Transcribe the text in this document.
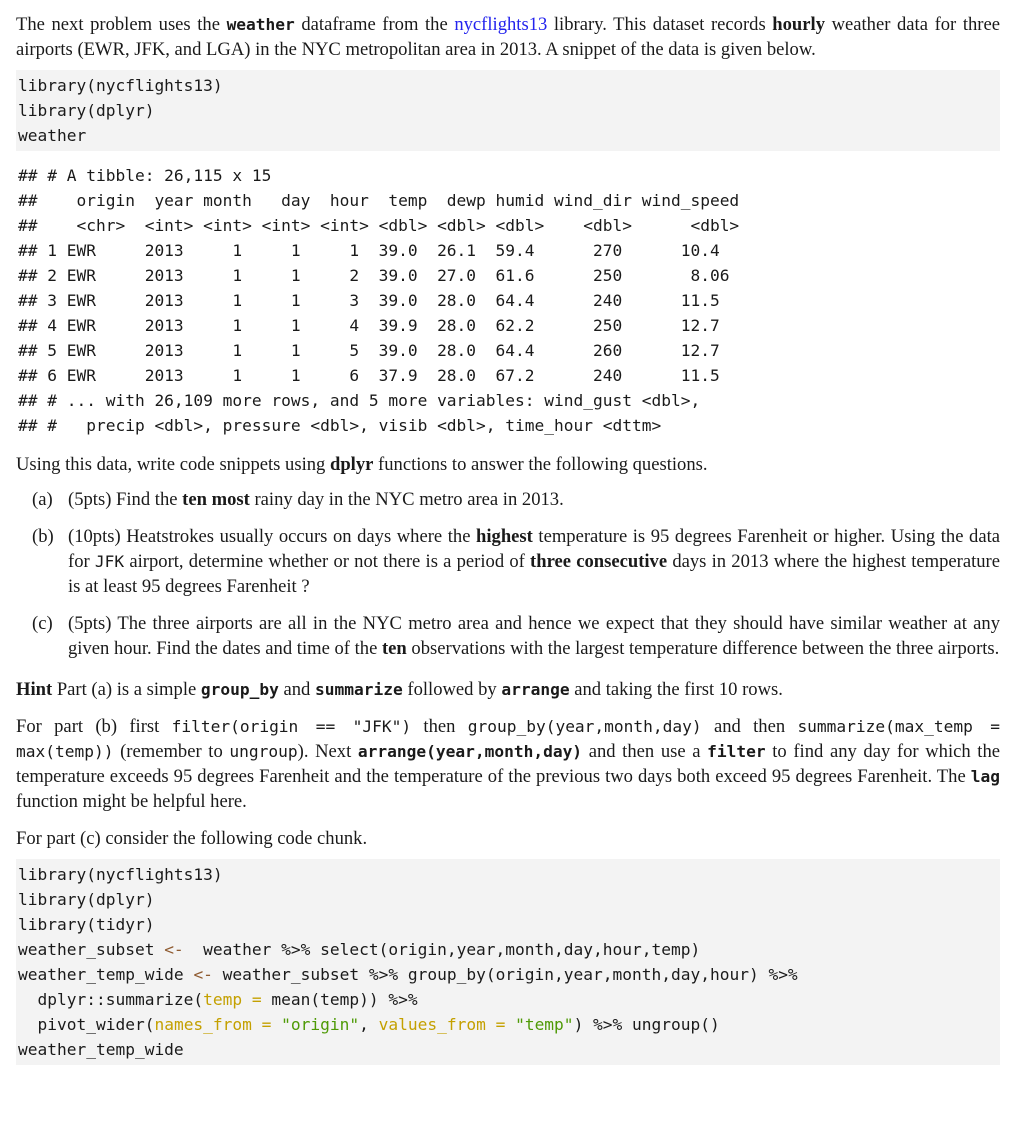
The next problem uses the weather dataframe from the nycflights13 library. This dataset records hourly weather data for three airports (EWR, JFK, and LGA) in the NYC metropolitan area in 2013. A snippet of the data is given below.

library(nycflights13)
library(dplyr)
weather
## # A tibble: 26,115 x 15
##    origin  year month   day  hour  temp  dewp humid wind_dir wind_speed
##    <chr>  <int> <int> <int> <int> <dbl> <dbl> <dbl>    <dbl>      <dbl>
## 1 EWR     2013     1     1     1  39.0  26.1  59.4      270      10.4
## 2 EWR     2013     1     1     2  39.0  27.0  61.6      250       8.06
## 3 EWR     2013     1     1     3  39.0  28.0  64.4      240      11.5
## 4 EWR     2013     1     1     4  39.9  28.0  62.2      250      12.7
## 5 EWR     2013     1     1     5  39.0  28.0  64.4      260      12.7
## 6 EWR     2013     1     1     6  37.9  28.0  67.2      240      11.5
## # ... with 26,109 more rows, and 5 more variables: wind_gust <dbl>,
## #   precip <dbl>, pressure <dbl>, visib <dbl>, time_hour <dttm>

Using this data, write code snippets using dplyr functions to answer the following questions.

(a) (5pts) Find the ten most rainy day in the NYC metro area in 2013.
(b) (10pts) Heatstrokes usually occurs on days where the highest temperature is 95 degrees Farenheit or higher. Using the data for JFK airport, determine whether or not there is a period of three consecutive days in 2013 where the highest temperature is at least 95 degrees Farenheit ?
(c) (5pts) The three airports are all in the NYC metro area and hence we expect that they should have similar weather at any given hour. Find the dates and time of the ten observations with the largest temperature difference between the three airports.

Hint Part (a) is a simple group_by and summarize followed by arrange and taking the first 10 rows.

For part (b) first filter(origin == "JFK") then group_by(year,month,day) and then summarize(max_temp = max(temp)) (remember to ungroup). Next arrange(year,month,day) and then use a filter to find any day for which the temperature exceeds 95 degrees Farenheit and the temperature of the previous two days both exceed 95 degrees Farenheit. The lag function might be helpful here.

For part (c) consider the following code chunk.

library(nycflights13)
library(dplyr)
library(tidyr)
weather_subset <-  weather %>% select(origin,year,month,day,hour,temp)
weather_temp_wide <- weather_subset %>% group_by(origin,year,month,day,hour) %>%
dplyr::summarize(temp = mean(temp)) %>%
pivot_wider(names_from = "origin", values_from = "temp") %>% ungroup()
weather_temp_wide
